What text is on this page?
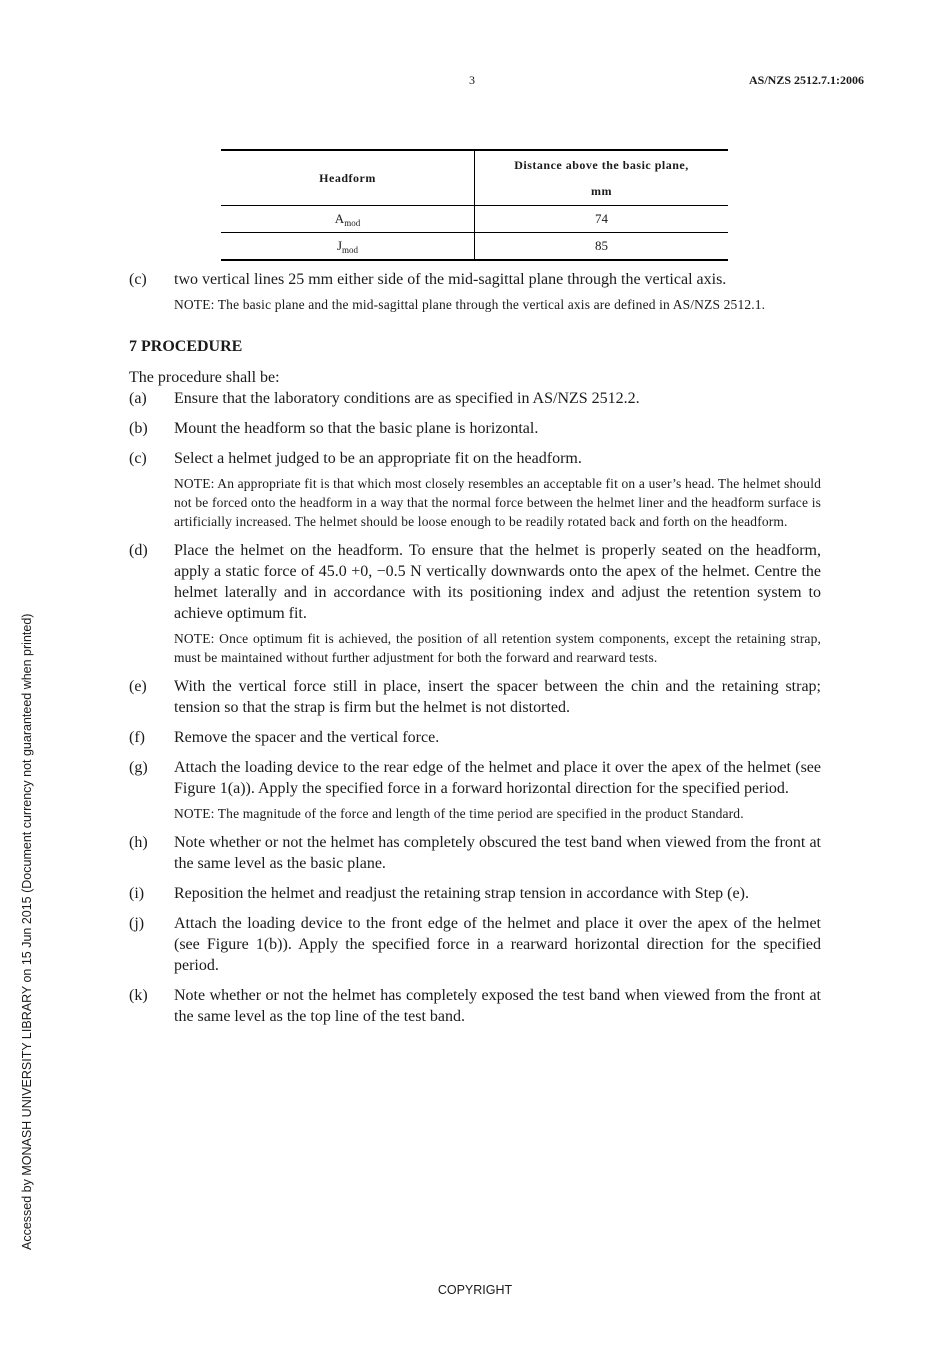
3	AS/NZS 2512.7.1:2006
Headform	Distance above the basic plane,
mm

$A_{mod}$	74
$J_{mod}$	85
(c)	two vertical lines 25 mm either side of the mid-sagittal plane through the vertical axis.
NOTE: The basic plane and the mid-sagittal plane through the vertical axis are defined in AS/NZS 2512.1.
7 PROCEDURE
The procedure shall be:
(a)	Ensure that the laboratory conditions are as specified in AS/NZS 2512.2.
(b)	Mount the headform so that the basic plane is horizontal.
(c)	Select a helmet judged to be an appropriate fit on the headform.
NOTE: An appropriate fit is that which most closely resembles an acceptable fit on a user’s head. The helmet should not be forced onto the headform in a way that the normal force between the helmet liner and the headform surface is artificially increased. The helmet should be loose enough to be readily rotated back and forth on the headform.
(d)	Place the helmet on the headform. To ensure that the helmet is properly seated on the headform, apply a static force of 45.0 +0, −0.5 N vertically downwards onto the apex of the helmet. Centre the helmet laterally and in accordance with its positioning index and adjust the retention system to achieve optimum fit.
NOTE: Once optimum fit is achieved, the position of all retention system components, except the retaining strap, must be maintained without further adjustment for both the forward and rearward tests.
(e)	With the vertical force still in place, insert the spacer between the chin and the retaining strap; tension so that the strap is firm but the helmet is not distorted.
(f)	Remove the spacer and the vertical force.
(g)	Attach the loading device to the rear edge of the helmet and place it over the apex of the helmet (see Figure 1(a)). Apply the specified force in a forward horizontal direction for the specified period.
NOTE: The magnitude of the force and length of the time period are specified in the product Standard.
(h)	Note whether or not the helmet has completely obscured the test band when viewed from the front at the same level as the basic plane.
(i)	Reposition the helmet and readjust the retaining strap tension in accordance with Step (e).
(j)	Attach the loading device to the front edge of the helmet and place it over the apex of the helmet (see Figure 1(b)). Apply the specified force in a rearward horizontal direction for the specified period.
(k)	Note whether or not the helmet has completely exposed the test band when viewed from the front at the same level as the top line of the test band.
Accessed by MONASH UNIVERSITY LIBRARY on 15 Jun 2015 (Document currency not guaranteed when printed)
COPYRIGHT
